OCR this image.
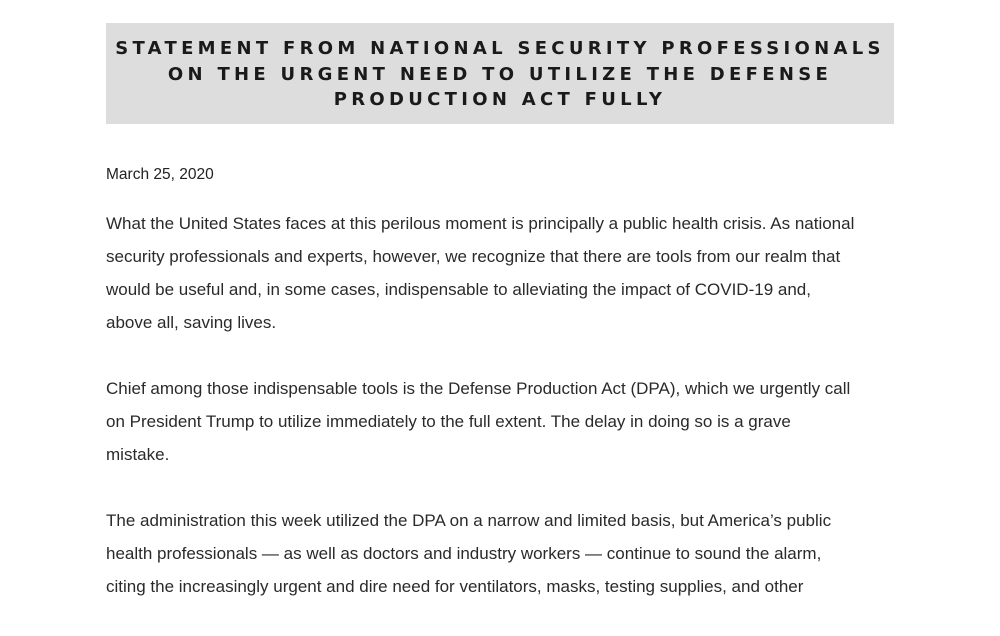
STATEMENT FROM NATIONAL SECURITY PROFESSIONALS
ON THE URGENT NEED TO UTILIZE THE DEFENSE
PRODUCTION ACT FULLY
March 25, 2020
What the United States faces at this perilous moment is principally a public health crisis. As national
security professionals and experts, however, we recognize that there are tools from our realm that
would be useful and, in some cases, indispensable to alleviating the impact of COVID-19 and,
above all, saving lives.
Chief among those indispensable tools is the Defense Production Act (DPA), which we urgently call
on President Trump to utilize immediately to the full extent. The delay in doing so is a grave
mistake.
The administration this week utilized the DPA on a narrow and limited basis, but America’s public
health professionals — as well as doctors and industry workers — continue to sound the alarm,
citing the increasingly urgent and dire need for ventilators, masks, testing supplies, and other
